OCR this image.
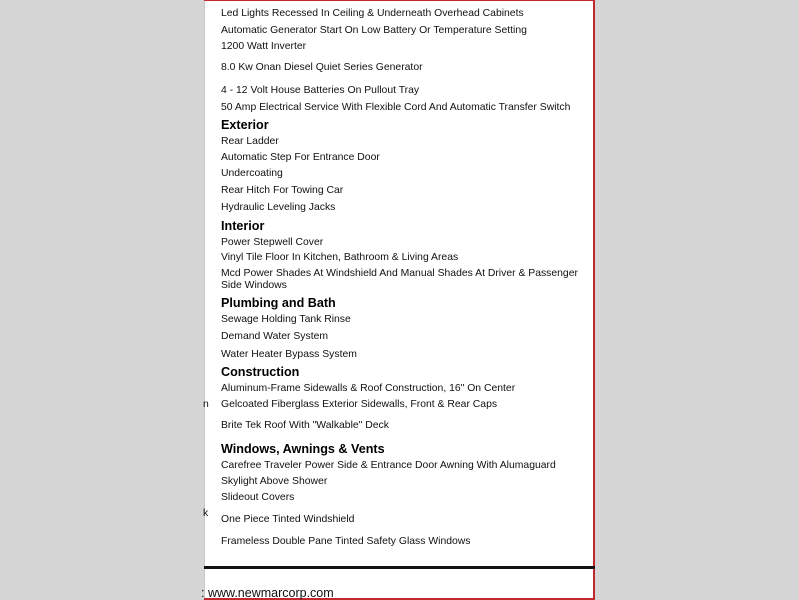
Led Lights Recessed In Ceiling & Underneath Overhead Cabinets
Automatic Generator Start On Low Battery Or Temperature Setting
1200 Watt Inverter
8.0 Kw Onan Diesel Quiet Series Generator
4 - 12 Volt House Batteries On Pullout Tray
50 Amp Electrical Service With Flexible Cord And Automatic Transfer Switch
Exterior
Rear Ladder
Automatic Step For Entrance Door
Undercoating
Rear Hitch For Towing Car
Hydraulic Leveling Jacks
Interior
Power Stepwell Cover
Vinyl Tile Floor In Kitchen, Bathroom & Living Areas
Mcd Power Shades At Windshield And Manual Shades At Driver & Passenger Side Windows
Plumbing and Bath
Sewage Holding Tank Rinse
Demand Water System
Water Heater Bypass System
Construction
Aluminum-Frame Sidewalls & Roof Construction, 16" On Center
Gelcoated Fiberglass Exterior Sidewalls, Front & Rear Caps
Brite Tek Roof With "Walkable" Deck
Windows, Awnings & Vents
Carefree Traveler Power Side & Entrance Door Awning With Alumaguard
Skylight Above Shower
Slideout Covers
One Piece Tinted Windshield
Frameless Double Pane Tinted Safety Glass Windows
n
k
: www.newmarcorp.com
